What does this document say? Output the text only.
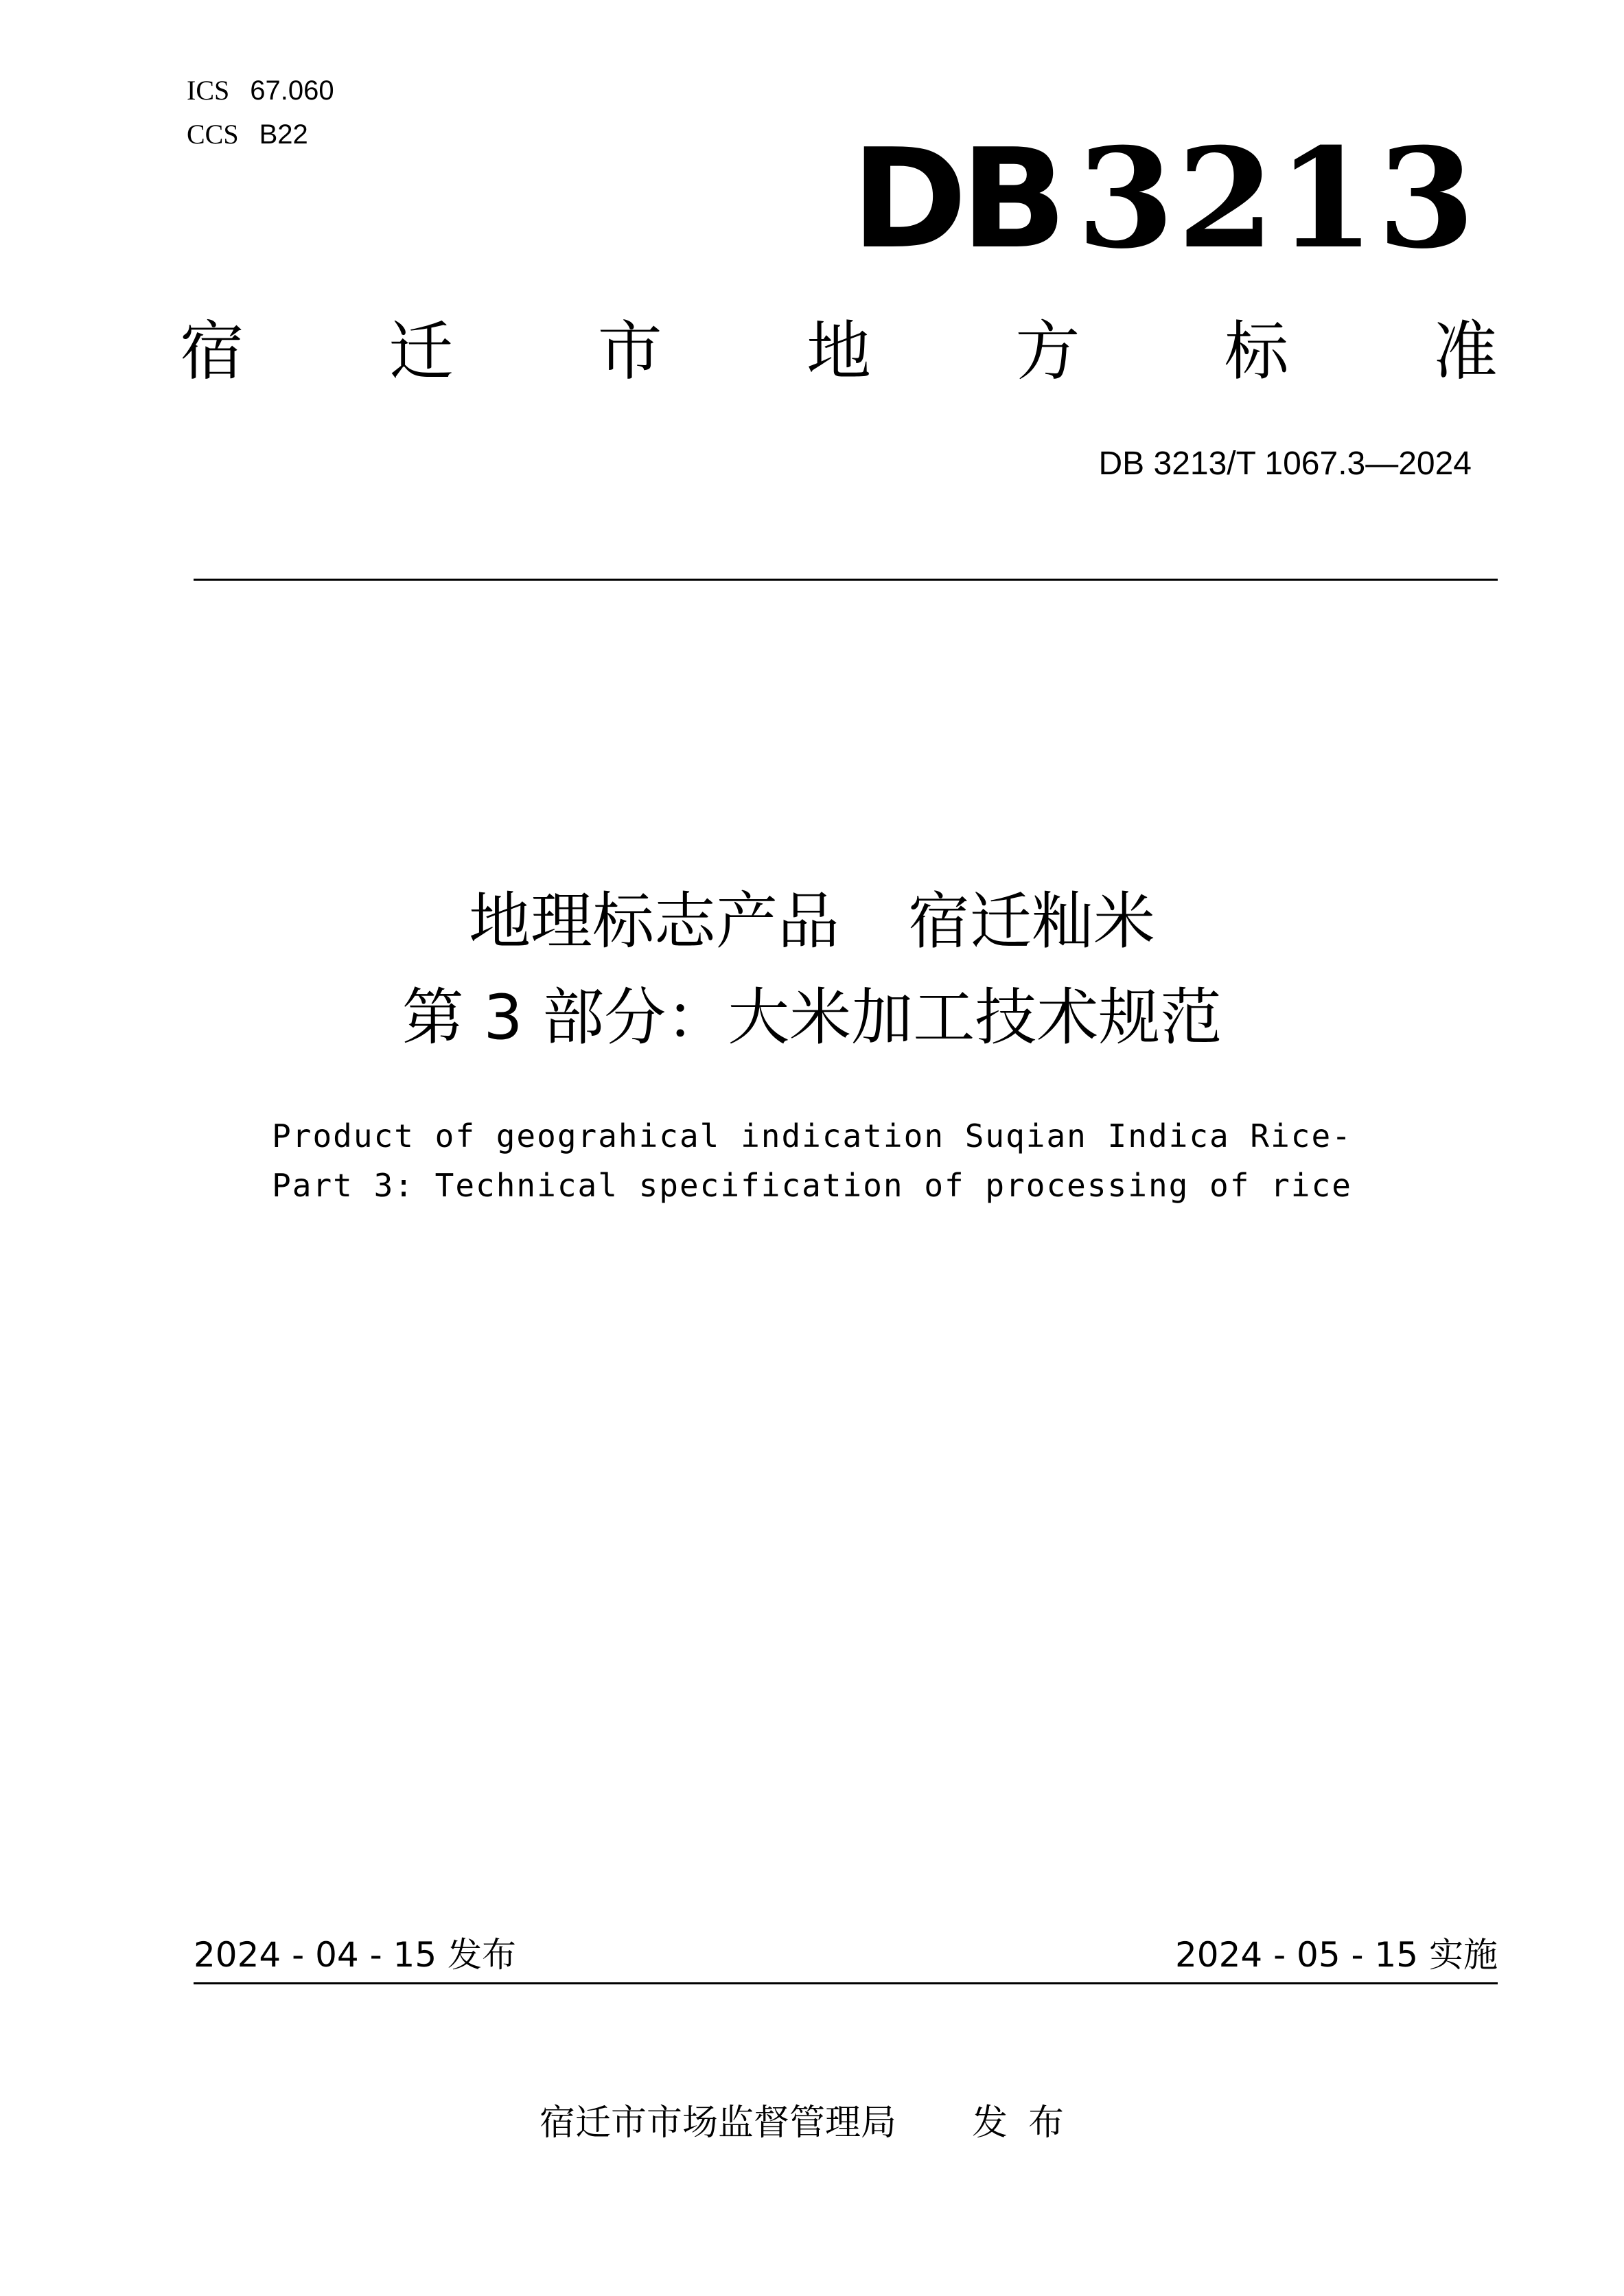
ICS 67.060
CCS B22	DB 3213
宿 迁 市 地 方 标 准
DB 3213/T 1067.3—2024
地理标志产品 宿迁籼米
第 3 部分：大米加工技术规范
Product of geograhical indication Suqian Indica Rice-
Part 3: Technical specification of processing of rice
2024 - 04 - 15 发布	2024 - 05 - 15 实施
宿迁市市场监督管理局 发布
